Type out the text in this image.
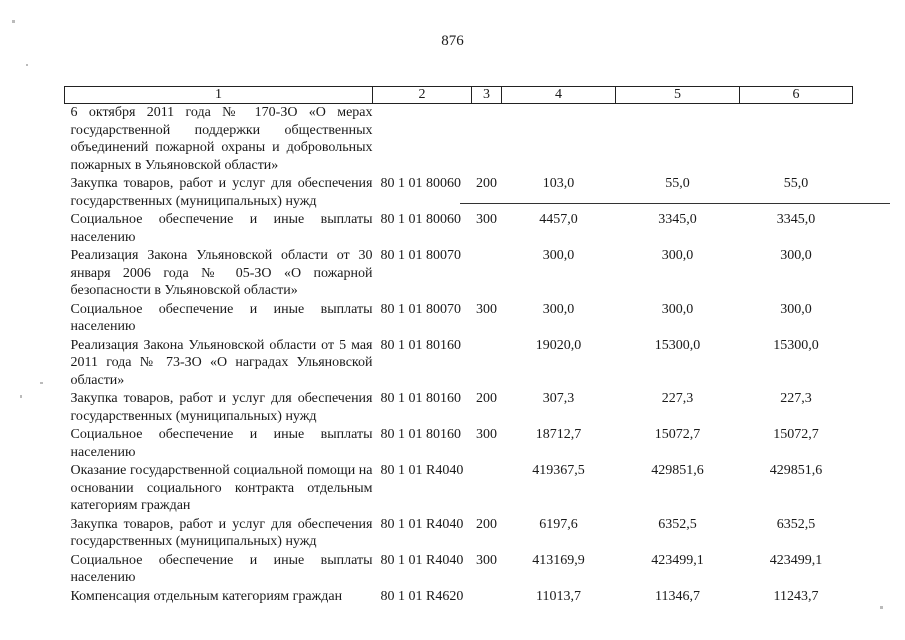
876
1	2	3	4	5	6
6 октября 2011 года № 170-ЗО «О мерах государственной поддержки общественных объединений пожарной охраны и добровольных пожарных в Ульяновской области»					
Закупка товаров, работ и услуг для обеспечения государственных (муниципальных) нужд	80 1 01 80060	200	103,0	55,0	55,0
Социальное обеспечение и иные выплаты населению	80 1 01 80060	300	4457,0	3345,0	3345,0
Реализация Закона Ульяновской области от 30 января 2006 года № 05-ЗО «О пожарной безопасности в Ульяновской области»	80 1 01 80070		300,0	300,0	300,0
Социальное обеспечение и иные выплаты населению	80 1 01 80070	300	300,0	300,0	300,0
Реализация Закона Ульяновской области от 5 мая 2011 года № 73-ЗО «О наградах Ульяновской области»	80 1 01 80160		19020,0	15300,0	15300,0
Закупка товаров, работ и услуг для обеспечения государственных (муниципальных) нужд	80 1 01 80160	200	307,3	227,3	227,3
Социальное обеспечение и иные выплаты населению	80 1 01 80160	300	18712,7	15072,7	15072,7
Оказание государственной социальной помощи на основании социального контракта отдельным категориям граждан	80 1 01 R4040		419367,5	429851,6	429851,6
Закупка товаров, работ и услуг для обеспечения государственных (муниципальных) нужд	80 1 01 R4040	200	6197,6	6352,5	6352,5
Социальное обеспечение и иные выплаты населению	80 1 01 R4040	300	413169,9	423499,1	423499,1
Компенсация отдельным категориям граждан	80 1 01 R4620		11013,7	11346,7	11243,7
